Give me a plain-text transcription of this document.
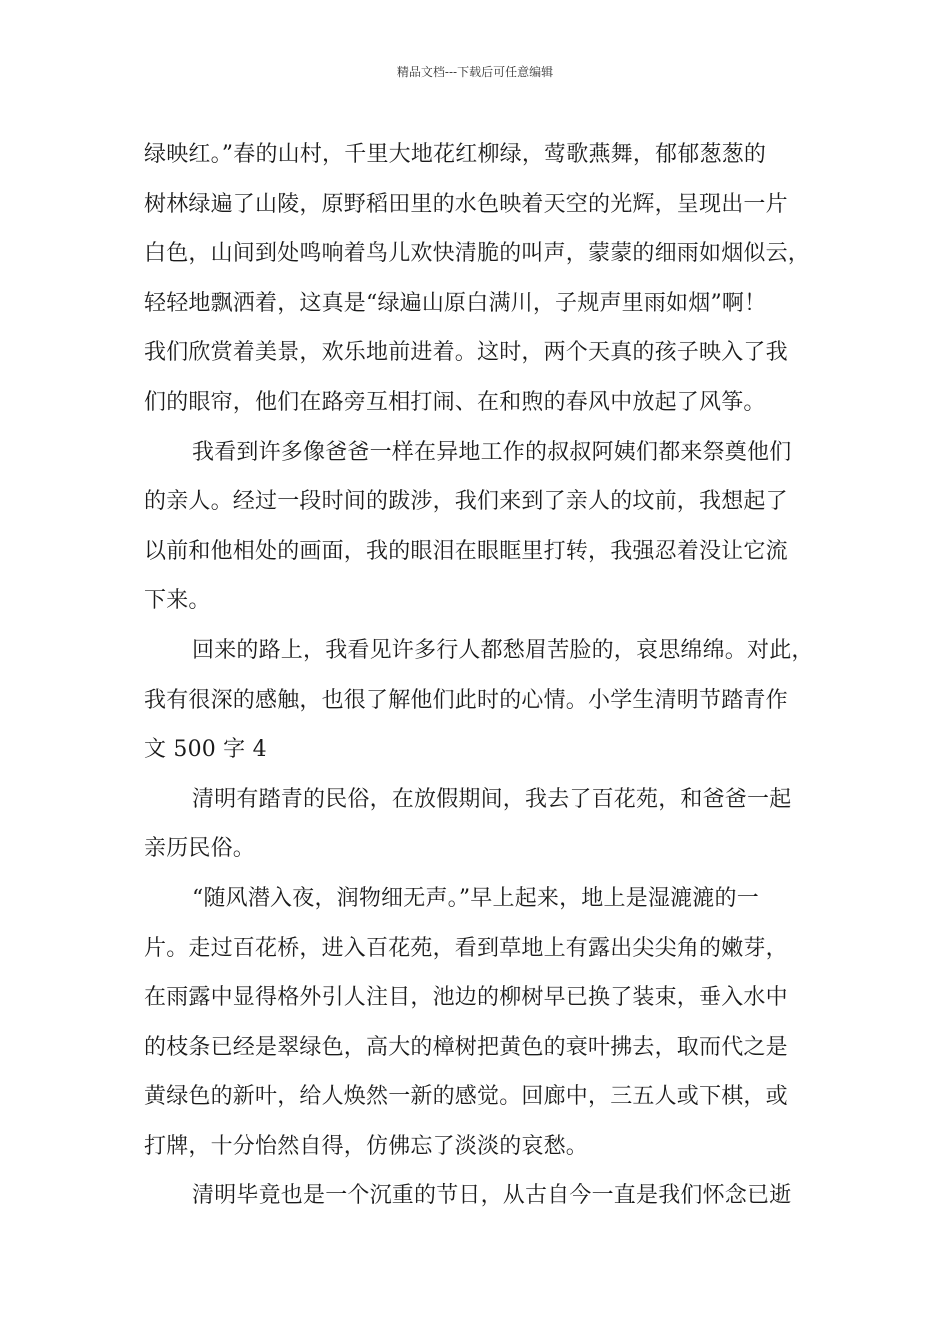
精品文档---下载后可任意编辑
绿映红。”春的山村，千里大地花红柳绿，莺歌燕舞，郁郁葱葱的
树林绿遍了山陵，原野稻田里的水色映着天空的光辉，呈现出一片
白色，山间到处鸣响着鸟儿欢快清脆的叫声，蒙蒙的细雨如烟似云，
轻轻地飘洒着，这真是“绿遍山原白满川，子规声里雨如烟”啊！
我们欣赏着美景，欢乐地前进着。这时，两个天真的孩子映入了我
们的眼帘，他们在路旁互相打闹、在和煦的春风中放起了风筝。
我看到许多像爸爸一样在异地工作的叔叔阿姨们都来祭奠他们
的亲人。经过一段时间的跋涉，我们来到了亲人的坟前，我想起了
以前和他相处的画面，我的眼泪在眼眶里打转，我强忍着没让它流
下来。
回来的路上，我看见许多行人都愁眉苦脸的，哀思绵绵。对此，
我有很深的感触，也很了解他们此时的心情。小学生清明节踏青作
文 500 字 4
清明有踏青的民俗，在放假期间，我去了百花苑，和爸爸一起
亲历民俗。
“随风潜入夜，润物细无声。”早上起来，地上是湿漉漉的一
片。走过百花桥，进入百花苑，看到草地上有露出尖尖角的嫩芽，
在雨露中显得格外引人注目，池边的柳树早已换了装束，垂入水中
的枝条已经是翠绿色，高大的樟树把黄色的衰叶拂去，取而代之是
黄绿色的新叶，给人焕然一新的感觉。回廊中，三五人或下棋，或
打牌，十分怡然自得，仿佛忘了淡淡的哀愁。
清明毕竟也是一个沉重的节日，从古自今一直是我们怀念已逝
